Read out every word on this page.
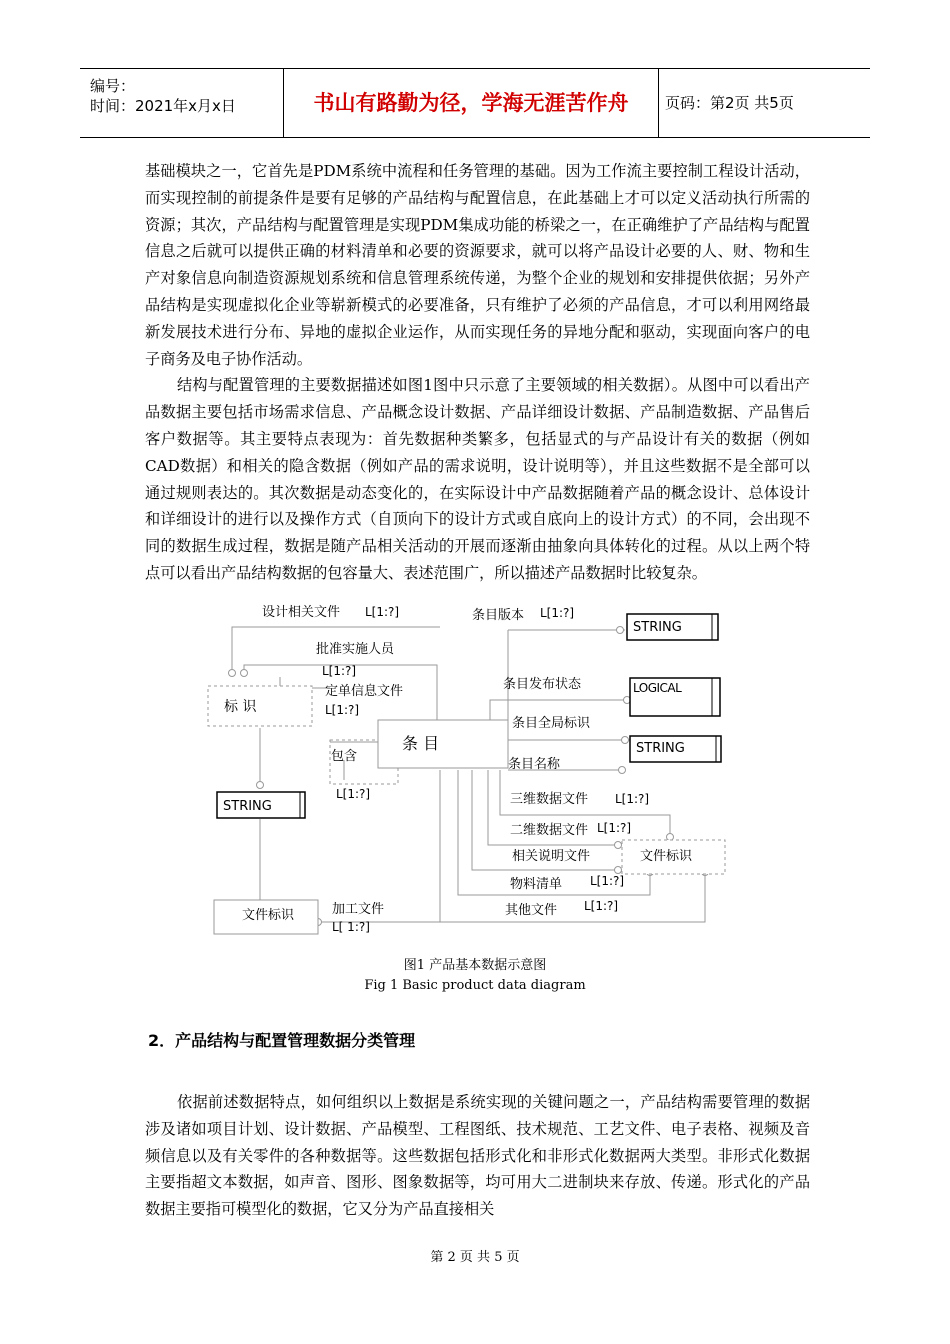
编号：
时间：2021年x月x日	书山有路勤为径，学海无涯苦作舟	页码：第2页 共5页

基础模块之一，它首先是PDM系统中流程和任务管理的基础。因为工作流主要控制工程设计活动，而实现控制的前提条件是要有足够的产品结构与配置信息，在此基础上才可以定义活动执行所需的资源；其次，产品结构与配置管理是实现PDM集成功能的桥梁之一，在正确维护了产品结构与配置信息之后就可以提供正确的材料清单和必要的资源要求，就可以将产品设计必要的人、财、物和生产对象信息向制造资源规划系统和信息管理系统传递，为整个企业的规划和安排提供依据；另外产品结构是实现虚拟化企业等崭新模式的必要准备，只有维护了必须的产品信息，才可以利用网络最新发展技术进行分布、异地的虚拟企业运作，从而实现任务的异地分配和驱动，实现面向客户的电子商务及电子协作活动。

结构与配置管理的主要数据描述如图1图中只示意了主要领域的相关数据）。从图中可以看出产品数据主要包括市场需求信息、产品概念设计数据、产品详细设计数据、产品制造数据、产品售后客户数据等。其主要特点表现为：首先数据种类繁多，包括显式的与产品设计有关的数据（例如CAD数据）和相关的隐含数据（例如产品的需求说明，设计说明等），并且这些数据不是全部可以通过规则表达的。其次数据是动态变化的，在实际设计中产品数据随着产品的概念设计、总体设计和详细设计的进行以及操作方式（自顶向下的设计方式或自底向上的设计方式）的不同，会出现不同的数据生成过程，数据是随产品相关活动的开展而逐渐由抽象向具体转化的过程。从以上两个特点可以看出产品结构数据的包容量大、表述范围广，所以描述产品数据时比较复杂。

标 识
包含
条 目
STRING
STRING
LOGICAL
STRING
文件标识
文件标识
设计相关文件 L[1:?]
批准实施人员
L[1:?]
定单信息文件
L[1:?]
L[1:?]
条目版本 L[1:?]
条目发布状态
条目全局标识
条目名称
三维数据文件 L[1:?]
二维数据文件 L[1:?]
相关说明文件
物料清单 L[1:?]
其他文件 L[1:?]
加工文件
L[ 1:?]
图1 产品基本数据示意图
Fig 1 Basic product data diagram
2．产品结构与配置管理数据分类管理

依据前述数据特点，如何组织以上数据是系统实现的关键问题之一，产品结构需要管理的数据涉及诸如项目计划、设计数据、产品模型、工程图纸、技术规范、工艺文件、电子表格、视频及音频信息以及有关零件的各种数据等。这些数据包括形式化和非形式化数据两大类型。非形式化数据主要指超文本数据，如声音、图形、图象数据等，均可用大二进制块来存放、传递。形式化的产品数据主要指可模型化的数据，它又分为产品直接相关

第 2 页 共 5 页
